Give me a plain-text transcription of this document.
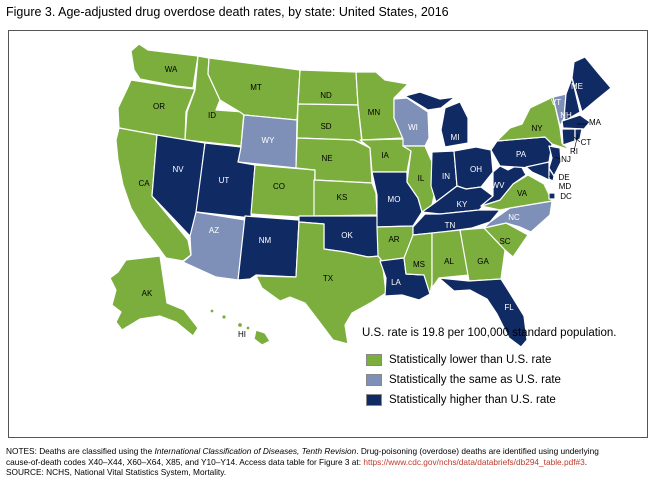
Figure 3. Age-adjusted drug overdose death rates, by state: United States, 2016
WA
OR
CA
ID
NV
MT
WY
UT
AZ
CO
NM
ND
SD
NE
KS
OK
TX
MN
IA
MO
AR
LA
WI
IL
MI
IN
OH
KY
TN
MS AL	GA
FL
SC
NC
VA
WV
PA
NY
VT
NH
ME
MA
CT
RI
NJ
DE
MD
DC
AK
HI	U.S. rate is 19.8 per 100,000 standard population.
Statistically lower than U.S. rate
Statistically the same as U.S. rate
Statistically higher than U.S. rate
NOTES: Deaths are classified using the International Classification of Diseases, Tenth Revision. Drug-poisoning (overdose) deaths are identified using underlying
cause-of-death codes X40–X44, X60–X64, X85, and Y10–Y14. Access data table for Figure 3 at: https://www.cdc.gov/nchs/data/databriefs/db294_table.pdf#3.
SOURCE: NCHS, National Vital Statistics System, Mortality.
